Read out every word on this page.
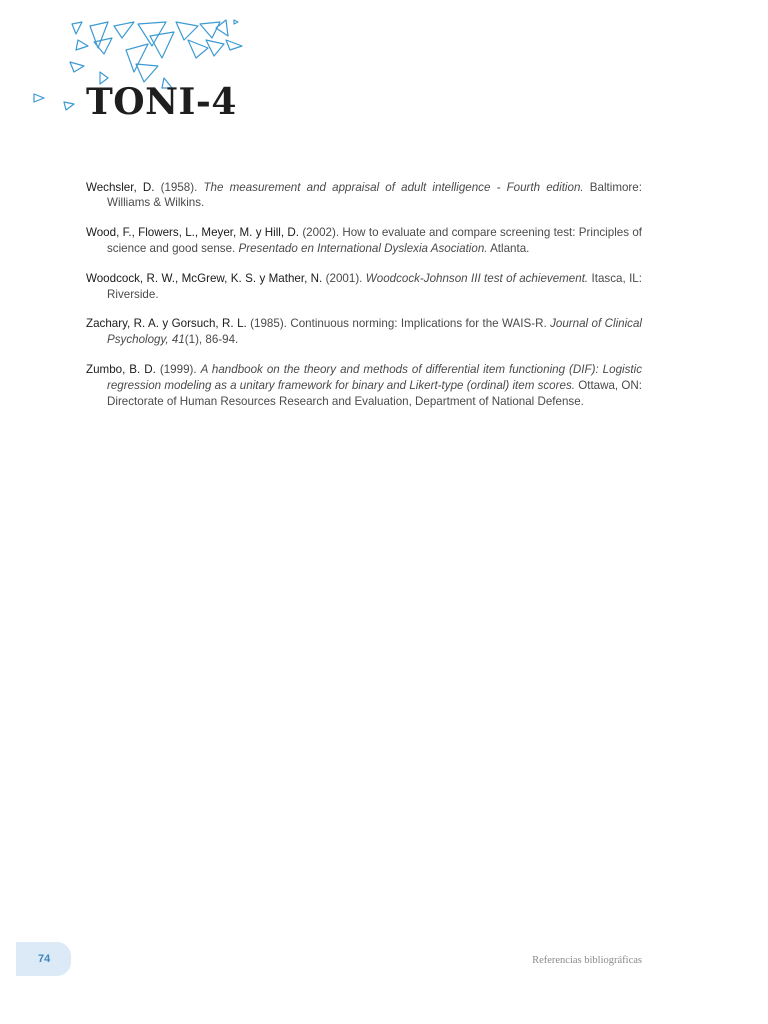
TONI-4

Wechsler, D. (1958). The measurement and appraisal of adult intelligence - Fourth edition. Baltimore: Williams & Wilkins.

Wood, F., Flowers, L., Meyer, M. y Hill, D. (2002). How to evaluate and compare screening test: Principles of science and good sense. Presentado en International Dyslexia Asociation. Atlanta.

Woodcock, R. W., McGrew, K. S. y Mather, N. (2001). Woodcock-Johnson III test of achievement. Itasca, IL: Riverside.

Zachary, R. A. y Gorsuch, R. L. (1985). Continuous norming: Implications for the WAIS-R. Journal of Clinical Psychology, 41(1), 86-94.

Zumbo, B. D. (1999). A handbook on the theory and methods of differential item functioning (DIF): Logistic regression modeling as a unitary framework for binary and Likert-type (ordinal) item scores. Ottawa, ON: Directorate of Human Resources Research and Evaluation, Department of National Defense.

74	Referencias bibliográficas
